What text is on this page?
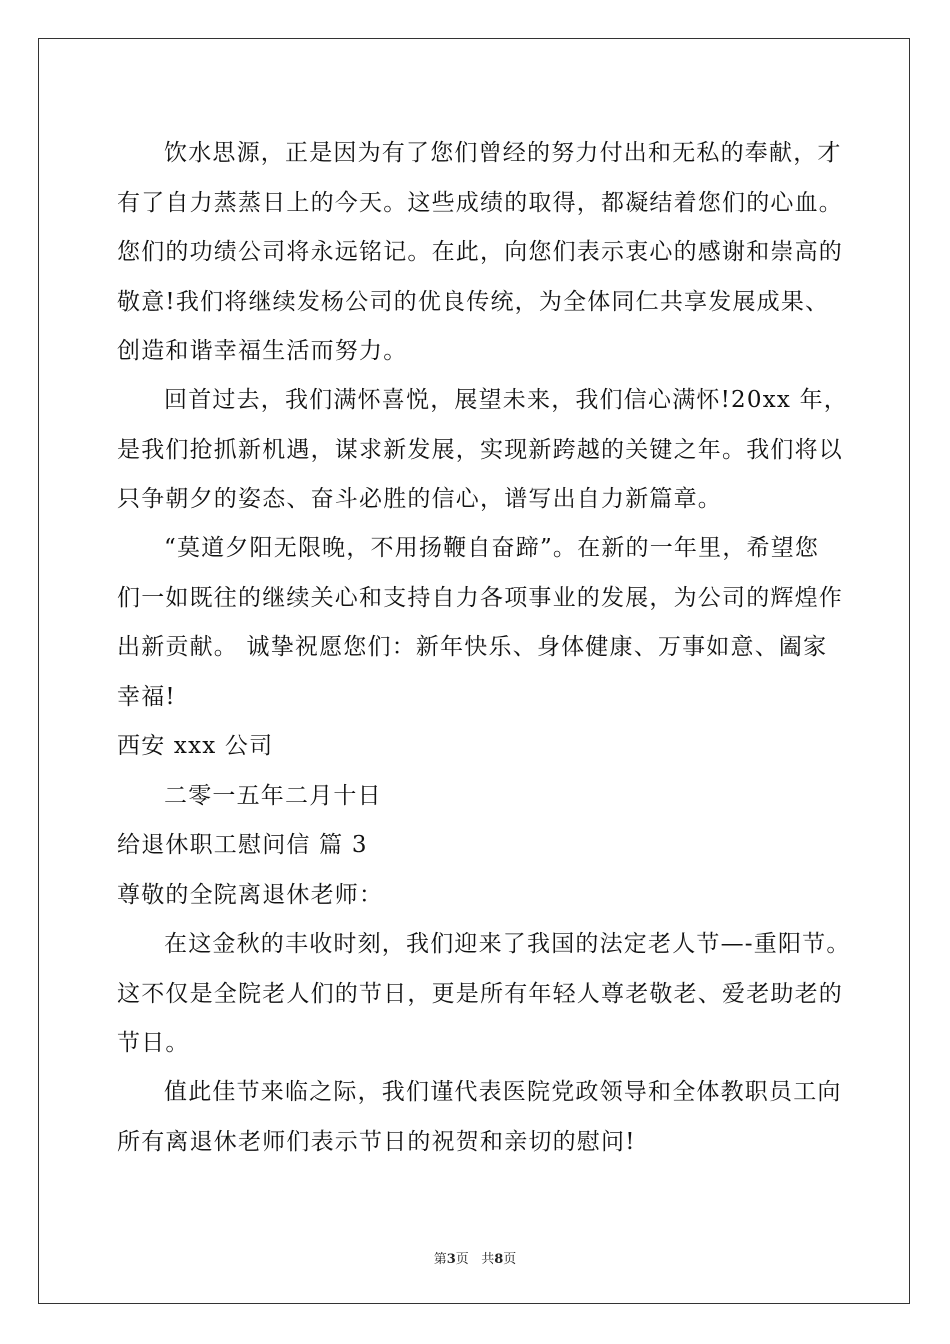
饮水思源，正是因为有了您们曾经的努力付出和无私的奉献，才
有了自力蒸蒸日上的今天。这些成绩的取得，都凝结着您们的心血。
您们的功绩公司将永远铭记。在此，向您们表示衷心的感谢和崇高的
敬意!我们将继续发杨公司的优良传统，为全体同仁共享发展成果、
创造和谐幸福生活而努力。
回首过去，我们满怀喜悦，展望未来，我们信心满怀!20xx 年，
是我们抢抓新机遇，谋求新发展，实现新跨越的关键之年。我们将以
只争朝夕的姿态、奋斗必胜的信心，谱写出自力新篇章。
“莫道夕阳无限晚，不用扬鞭自奋蹄”。在新的一年里，希望您
们一如既往的继续关心和支持自力各项事业的发展，为公司的辉煌作
出新贡献。 诚挚祝愿您们：新年快乐、身体健康、万事如意、阖家
幸福!
西安 xxx 公司
二零一五年二月十日
给退休职工慰问信 篇 3
尊敬的全院离退休老师：
在这金秋的丰收时刻，我们迎来了我国的法定老人节—-重阳节。
这不仅是全院老人们的节日，更是所有年轻人尊老敬老、爱老助老的
节日。
值此佳节来临之际，我们谨代表医院党政领导和全体教职员工向
所有离退休老师们表示节日的祝贺和亲切的慰问!
第3页 共8页
